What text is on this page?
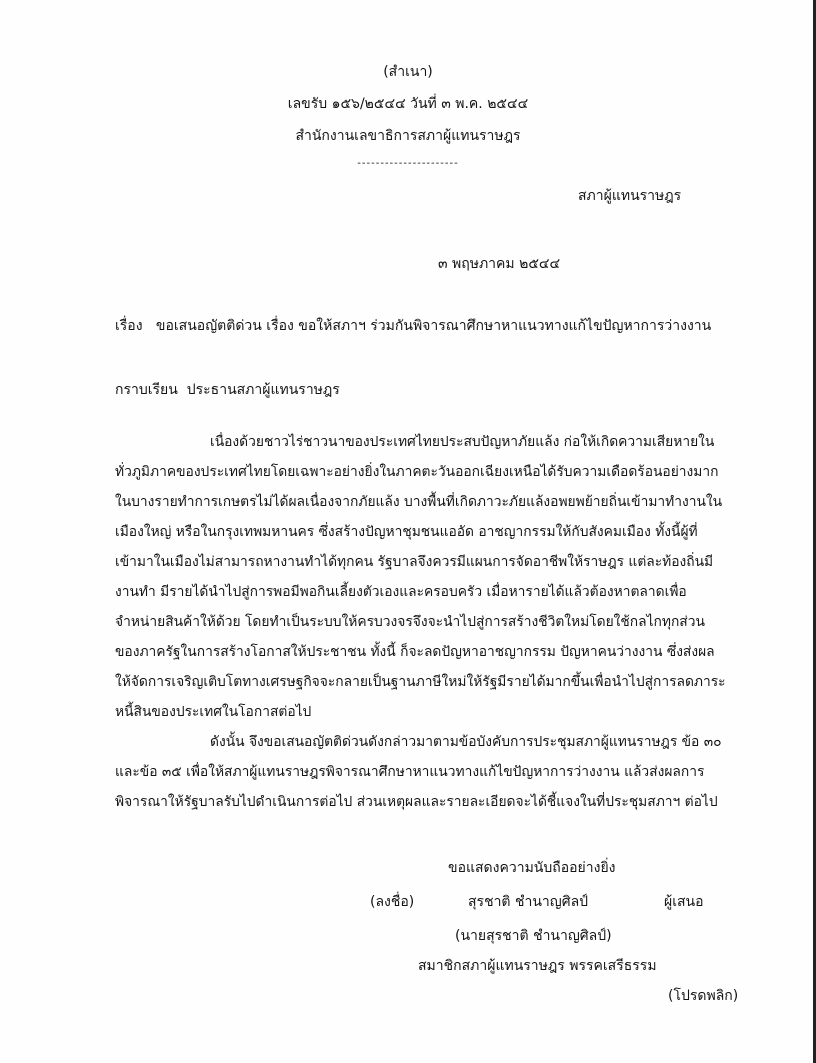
(สำเนา)
เลขรับ ๑๕๖/๒๕๔๔ วันที่ ๓ พ.ค. ๒๕๔๔
สำนักงานเลขาธิการสภาผู้แทนราษฎร
----------------------
สภาผู้แทนราษฎร
๓ พฤษภาคม ๒๕๔๔
เรื่อง ขอเสนอญัตติด่วน เรื่อง ขอให้สภาฯ ร่วมกันพิจารณาศึกษาหาแนวทางแก้ไขปัญหาการว่างงาน
กราบเรียน ประธานสภาผู้แทนราษฎร
เนื่องด้วยชาวไร่ชาวนาของประเทศไทยประสบปัญหาภัยแล้ง ก่อให้เกิดความเสียหายใน
ทั่วภูมิภาคของประเทศไทยโดยเฉพาะอย่างยิ่งในภาคตะวันออกเฉียงเหนือได้รับความเดือดร้อนอย่างมาก
ในบางรายทำการเกษตรไม่ได้ผลเนื่องจากภัยแล้ง บางพื้นที่เกิดภาวะภัยแล้งอพยพย้ายถิ่นเข้ามาทำงานใน
เมืองใหญ่ หรือในกรุงเทพมหานคร ซึ่งสร้างปัญหาชุมชนแออัด อาชญากรรมให้กับสังคมเมือง ทั้งนี้ผู้ที่
เข้ามาในเมืองไม่สามารถหางานทำได้ทุกคน รัฐบาลจึงควรมีแผนการจัดอาชีพให้ราษฎร แต่ละท้องถิ่นมี
งานทำ มีรายได้นำไปสู่การพอมีพอกินเลี้ยงตัวเองและครอบครัว เมื่อหารายได้แล้วต้องหาตลาดเพื่อ
จำหน่ายสินค้าให้ด้วย โดยทำเป็นระบบให้ครบวงจรจึงจะนำไปสู่การสร้างชีวิตใหม่โดยใช้กลไกทุกส่วน
ของภาครัฐในการสร้างโอกาสให้ประชาชน ทั้งนี้ ก็จะลดปัญหาอาชญากรรม ปัญหาคนว่างงาน ซึ่งส่งผล
ให้จัดการเจริญเติบโตทางเศรษฐกิจจะกลายเป็นฐานภาษีใหม่ให้รัฐมีรายได้มากขึ้นเพื่อนำไปสู่การลดภาระ
หนี้สินของประเทศในโอกาสต่อไป
ดังนั้น จึงขอเสนอญัตติด่วนดังกล่าวมาตามข้อบังคับการประชุมสภาผู้แทนราษฎร ข้อ ๓๐
และข้อ ๓๕ เพื่อให้สภาผู้แทนราษฎรพิจารณาศึกษาหาแนวทางแก้ไขปัญหาการว่างงาน แล้วส่งผลการ
พิจารณาให้รัฐบาลรับไปดำเนินการต่อไป ส่วนเหตุผลและรายละเอียดจะได้ชี้แจงในที่ประชุมสภาฯ ต่อไป
ขอแสดงความนับถืออย่างยิ่ง
(ลงชื่อ)	สุรชาติ ชำนาญศิลป์	ผู้เสนอ
(นายสุรชาติ ชำนาญศิลป์)
สมาชิกสภาผู้แทนราษฎร พรรคเสรีธรรม
(โปรดพลิก)
